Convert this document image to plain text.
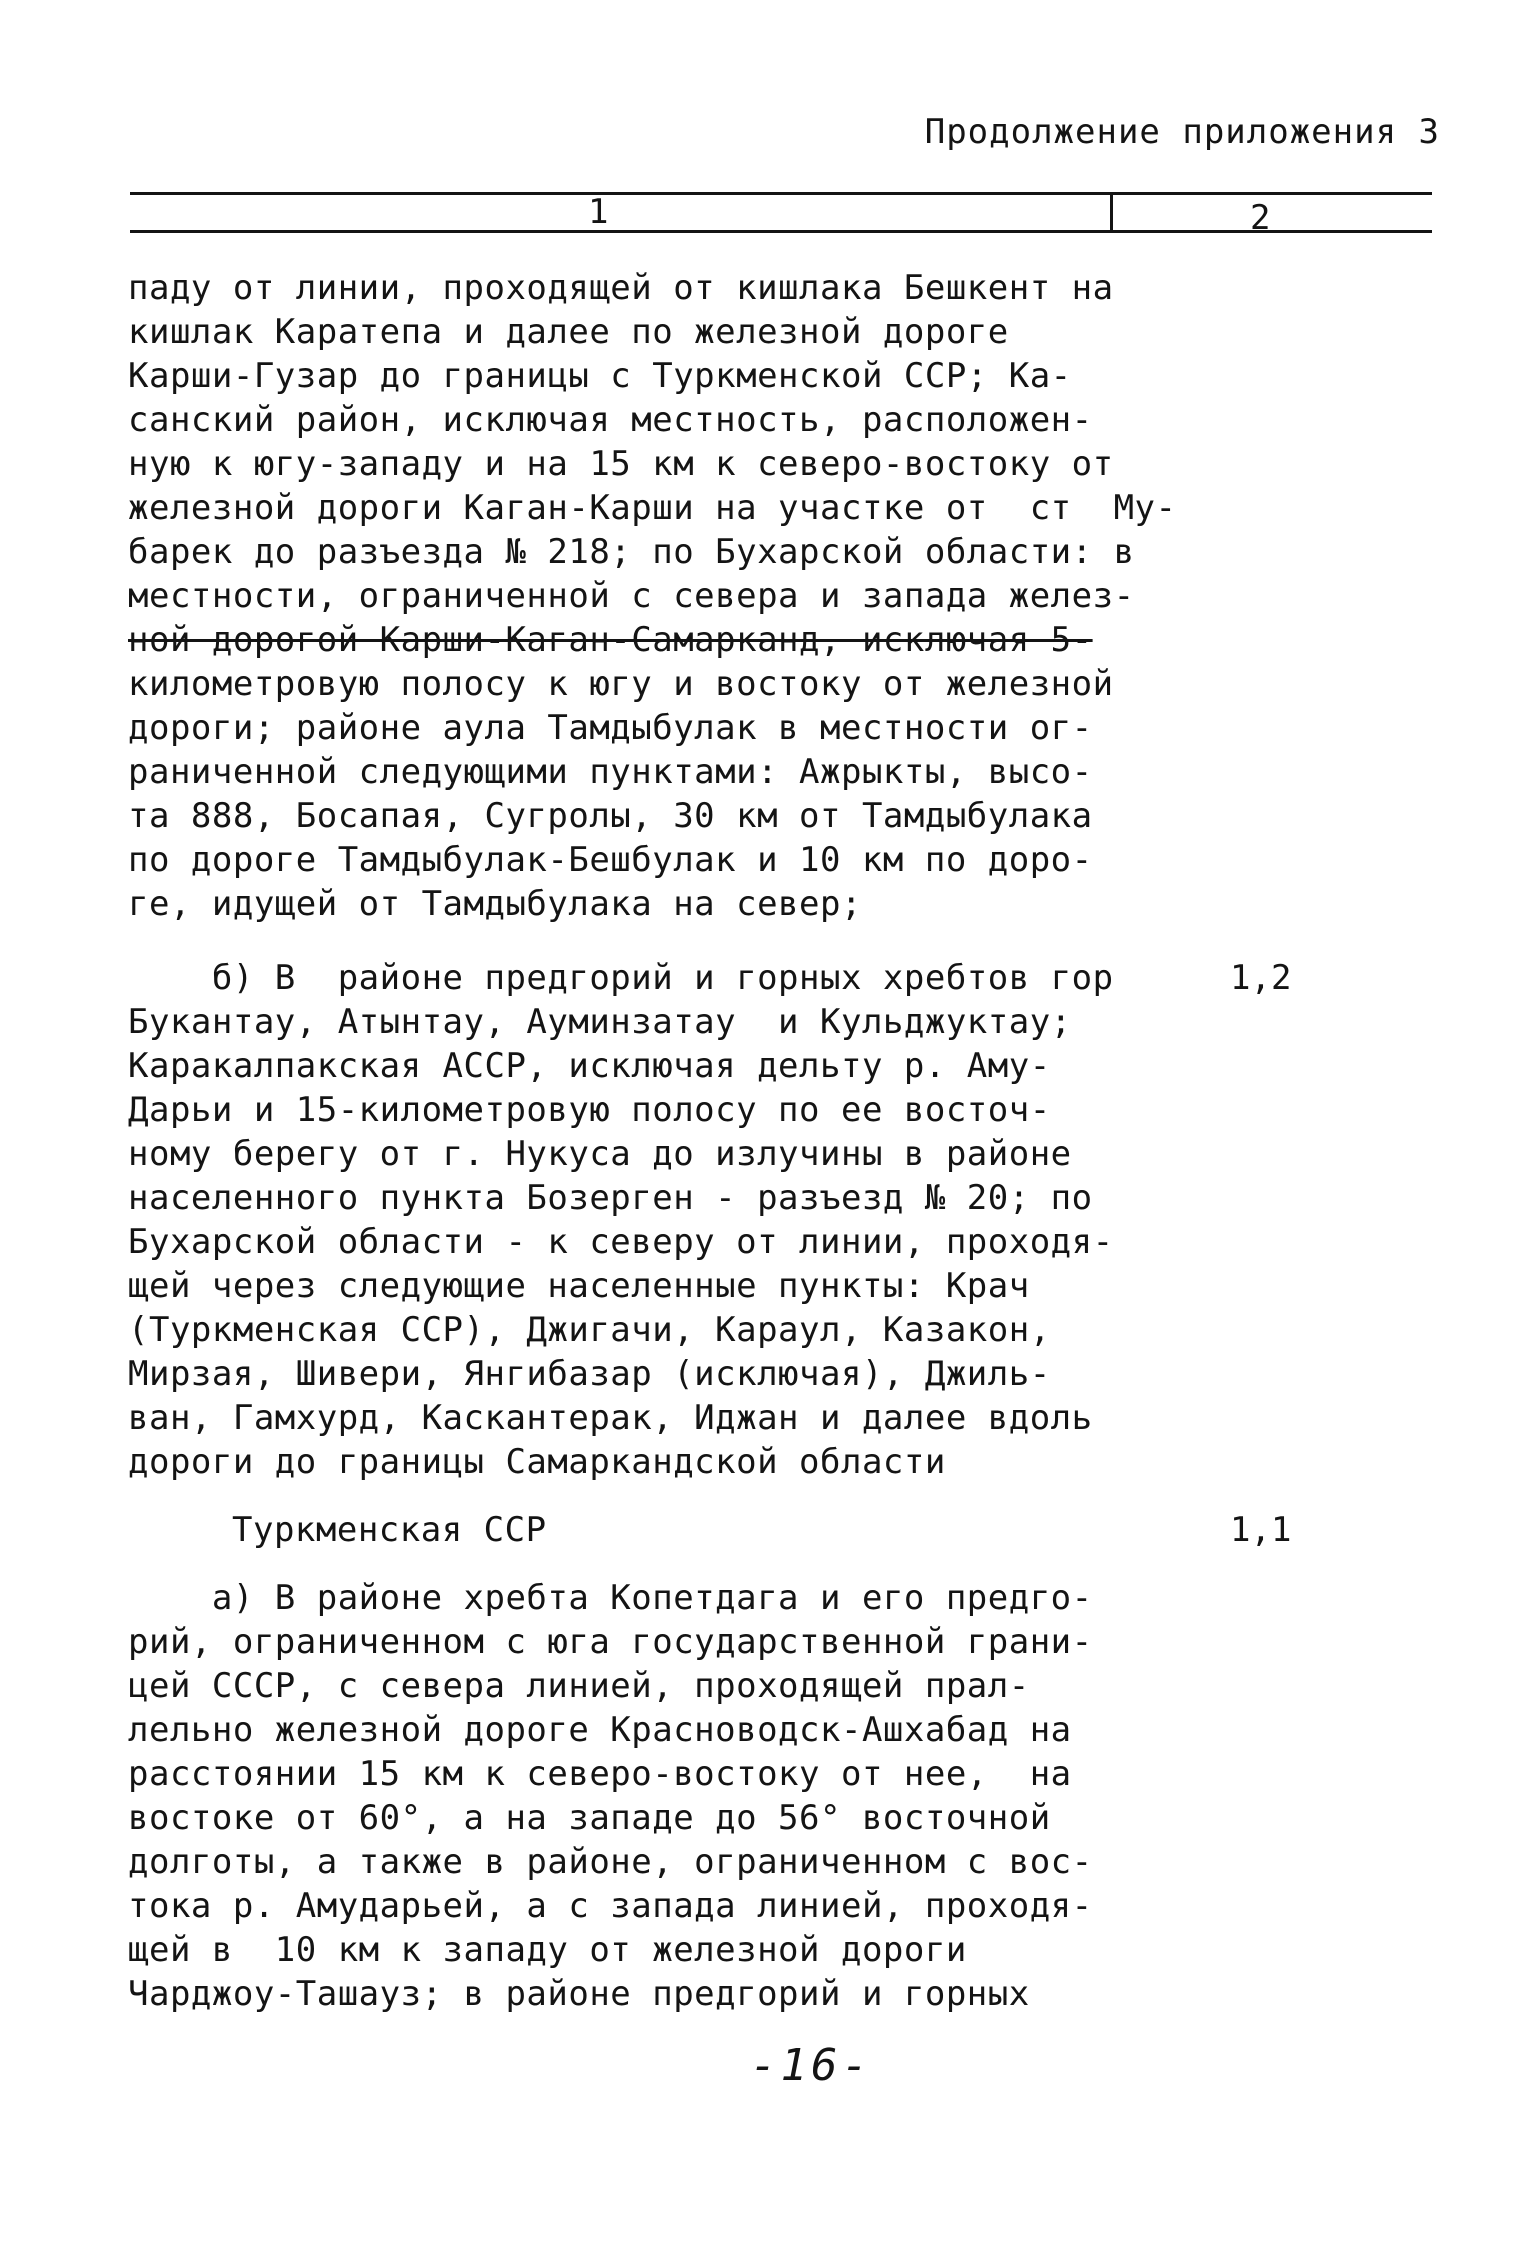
Продолжение приложения 3
1	2
паду от линии, проходящей от кишлака Бешкент на
кишлак Каратепа и далее по железной дороге
Карши-Гузар до границы с Туркменской ССР; Ка-
санский район, исключая местность, расположен-
ную к югу-западу и на 15 км к северо-востоку от
железной дороги Каган-Карши на участке от  ст  Му-
барек до разъезда № 218; по Бухарской области: в
местности, ограниченной с севера и запада желез-
ной дорогой Карши-Каган-Самарканд, исключая 5-
километровую полосу к югу и востоку от железной
дороги; районе аула Тамдыбулак в местности ог-
раниченной следующими пунктами: Ажрыкты, высо-
та 888, Босапая, Сугролы, 30 км от Тамдыбулака
по дороге Тамдыбулак-Бешбулак и 10 км по доро-
ге, идущей от Тамдыбулака на север;
б) В  районе предгорий и горных хребтов гор	1,2
Букантау, Атынтау, Ауминзатау  и Кульджуктау;
Каракалпакская АССР, исключая дельту р. Аму-
Дарьи и 15-километровую полосу по ее восточ-
ному берегу от г. Нукуса до излучины в районе
населенного пункта Бозерген - разъезд № 20; по
Бухарской области - к северу от линии, проходя-
щей через следующие населенные пункты: Крач
(Туркменская ССР), Джигачи, Караул, Казакон,
Мирзая, Шивери, Янгибазар (исключая), Джиль-
ван, Гамхурд, Каскантерак, Иджан и далее вдоль
дороги до границы Самаркандской области
Туркменская ССР	1,1
а) В районе хребта Копетдага и его предго-
рий, ограниченном с юга государственной грани-
цей СССР, с севера линией, проходящей прал-
лельно железной дороге Красноводск-Ашхабад на
расстоянии 15 км к северо-востоку от нее,  на
востоке от 60°, а на западе до 56° восточной
долготы, а также в районе, ограниченном с вос-
тока р. Амударьей, а с запада линией, проходя-
щей в  10 км к западу от железной дороги
Чарджоу-Ташауз; в районе предгорий и горных
-16-
